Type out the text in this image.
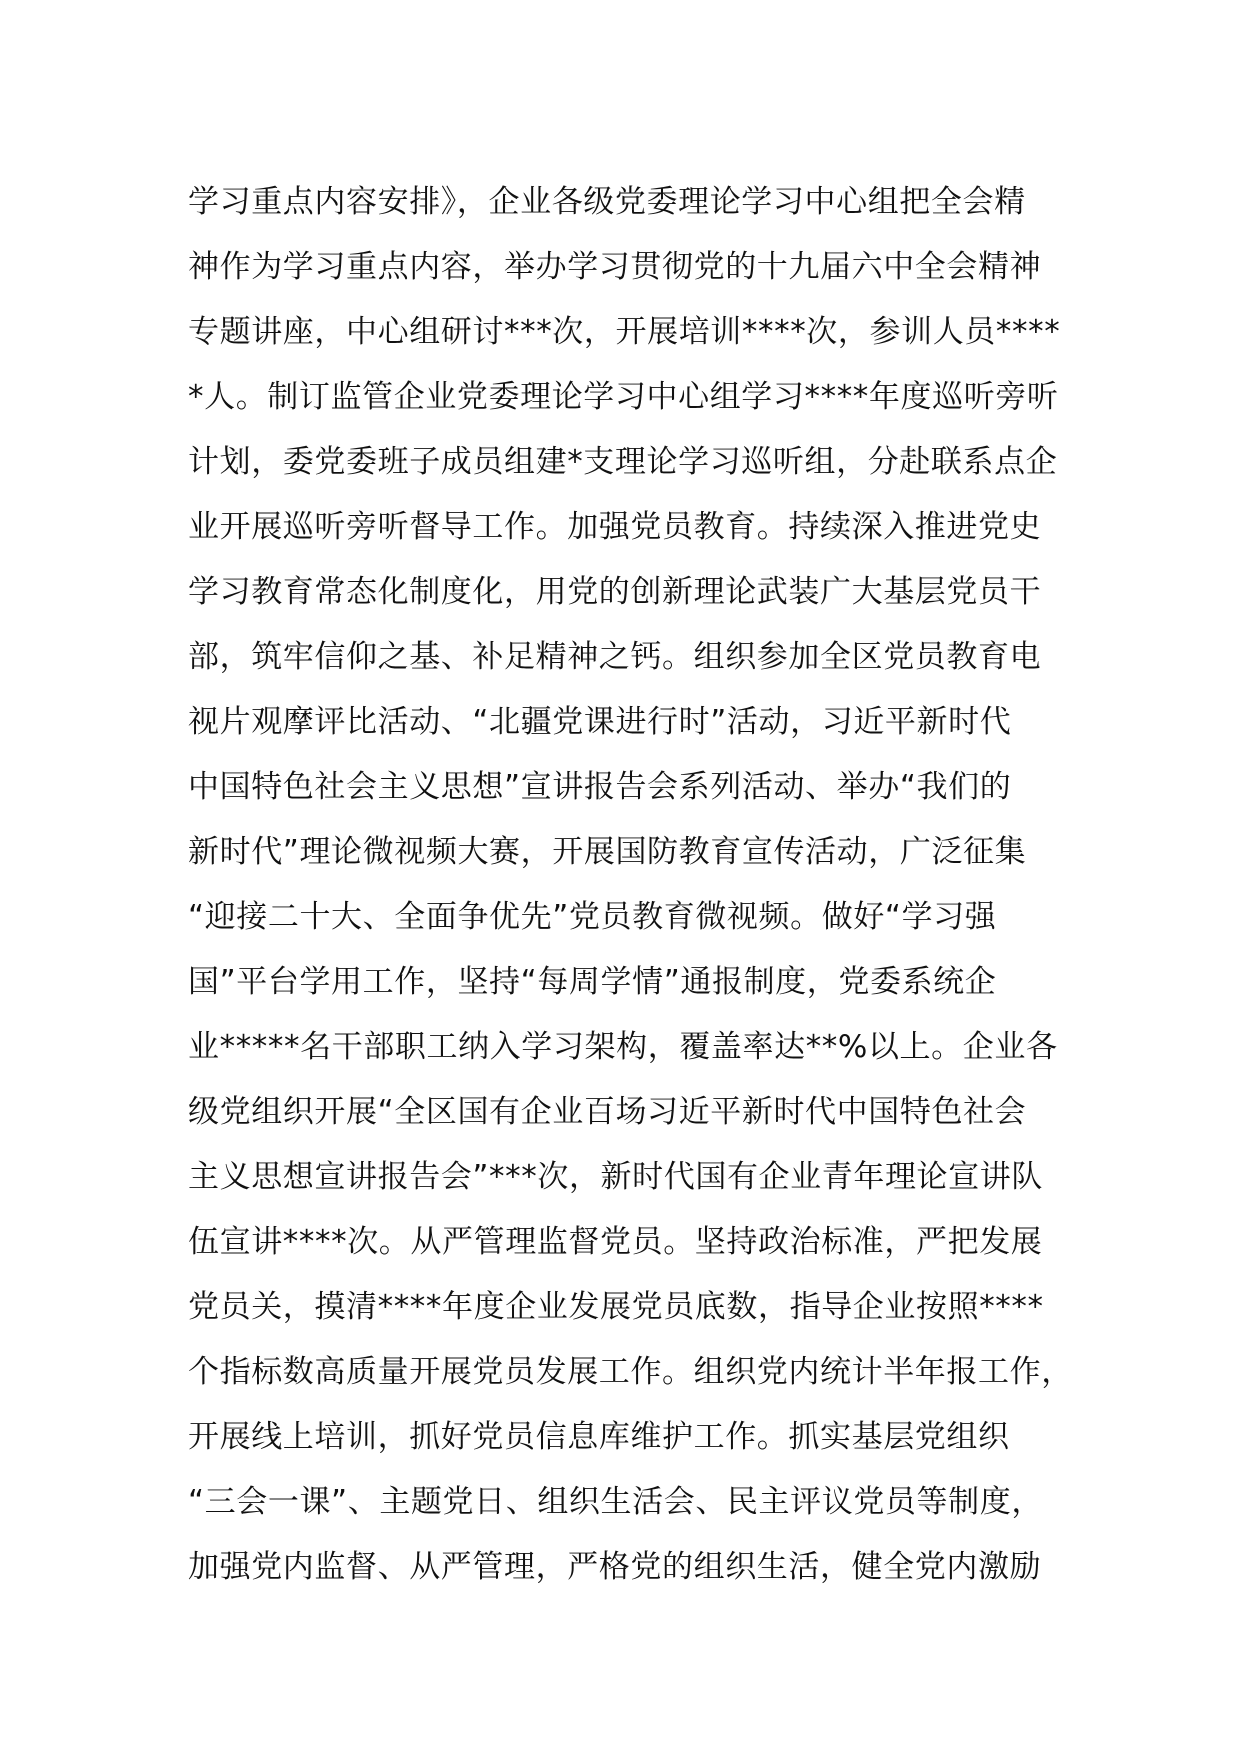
学习重点内容安排》，企业各级党委理论学习中心组把全会精
神作为学习重点内容，举办学习贯彻党的十九届六中全会精神
专题讲座，中心组研讨***次，开展培训****次，参训人员****
*人。制订监管企业党委理论学习中心组学习****年度巡听旁听
计划，委党委班子成员组建*支理论学习巡听组，分赴联系点企
业开展巡听旁听督导工作。加强党员教育。持续深入推进党史
学习教育常态化制度化，用党的创新理论武装广大基层党员干
部，筑牢信仰之基、补足精神之钙。组织参加全区党员教育电
视片观摩评比活动、“北疆党课进行时”活动，习近平新时代
中国特色社会主义思想”宣讲报告会系列活动、举办“我们的
新时代”理论微视频大赛，开展国防教育宣传活动，广泛征集
“迎接二十大、全面争优先”党员教育微视频。做好“学习强
国”平台学用工作，坚持“每周学情”通报制度，党委系统企
业*****名干部职工纳入学习架构，覆盖率达**%以上。企业各
级党组织开展“全区国有企业百场习近平新时代中国特色社会
主义思想宣讲报告会”***次，新时代国有企业青年理论宣讲队
伍宣讲****次。从严管理监督党员。坚持政治标准，严把发展
党员关，摸清****年度企业发展党员底数，指导企业按照****
个指标数高质量开展党员发展工作。组织党内统计半年报工作，
开展线上培训，抓好党员信息库维护工作。抓实基层党组织
“三会一课”、主题党日、组织生活会、民主评议党员等制度，
加强党内监督、从严管理，严格党的组织生活，健全党内激励
